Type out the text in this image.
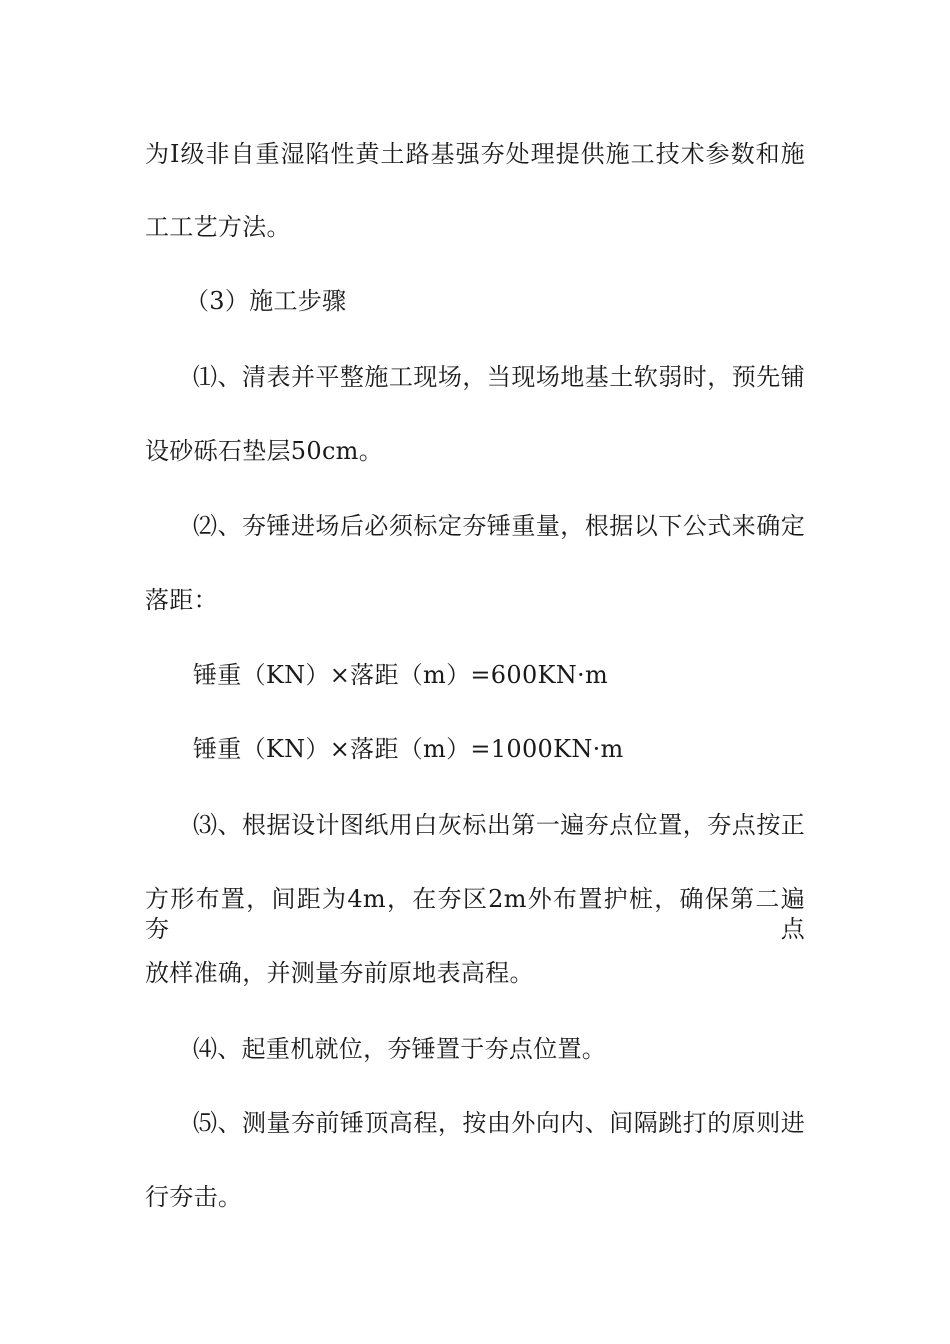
为Ⅰ级非自重湿陷性黄土路基强夯处理提供施工技术参数和施
工工艺方法。
（3）施工步骤
⑴、清表并平整施工现场，当现场地基土软弱时，预先铺
设砂砾石垫层50cm。
⑵、夯锤进场后必须标定夯锤重量，根据以下公式来确定
落距：
锤重（KN）×落距（m）=600KN·m
锤重（KN）×落距（m）=1000KN·m
⑶、根据设计图纸用白灰标出第一遍夯点位置，夯点按正
方形布置，间距为4m，在夯区2m外布置护桩，确保第二遍夯点
放样准确，并测量夯前原地表高程。
⑷、起重机就位，夯锤置于夯点位置。
⑸、测量夯前锤顶高程，按由外向内、间隔跳打的原则进
行夯击。
